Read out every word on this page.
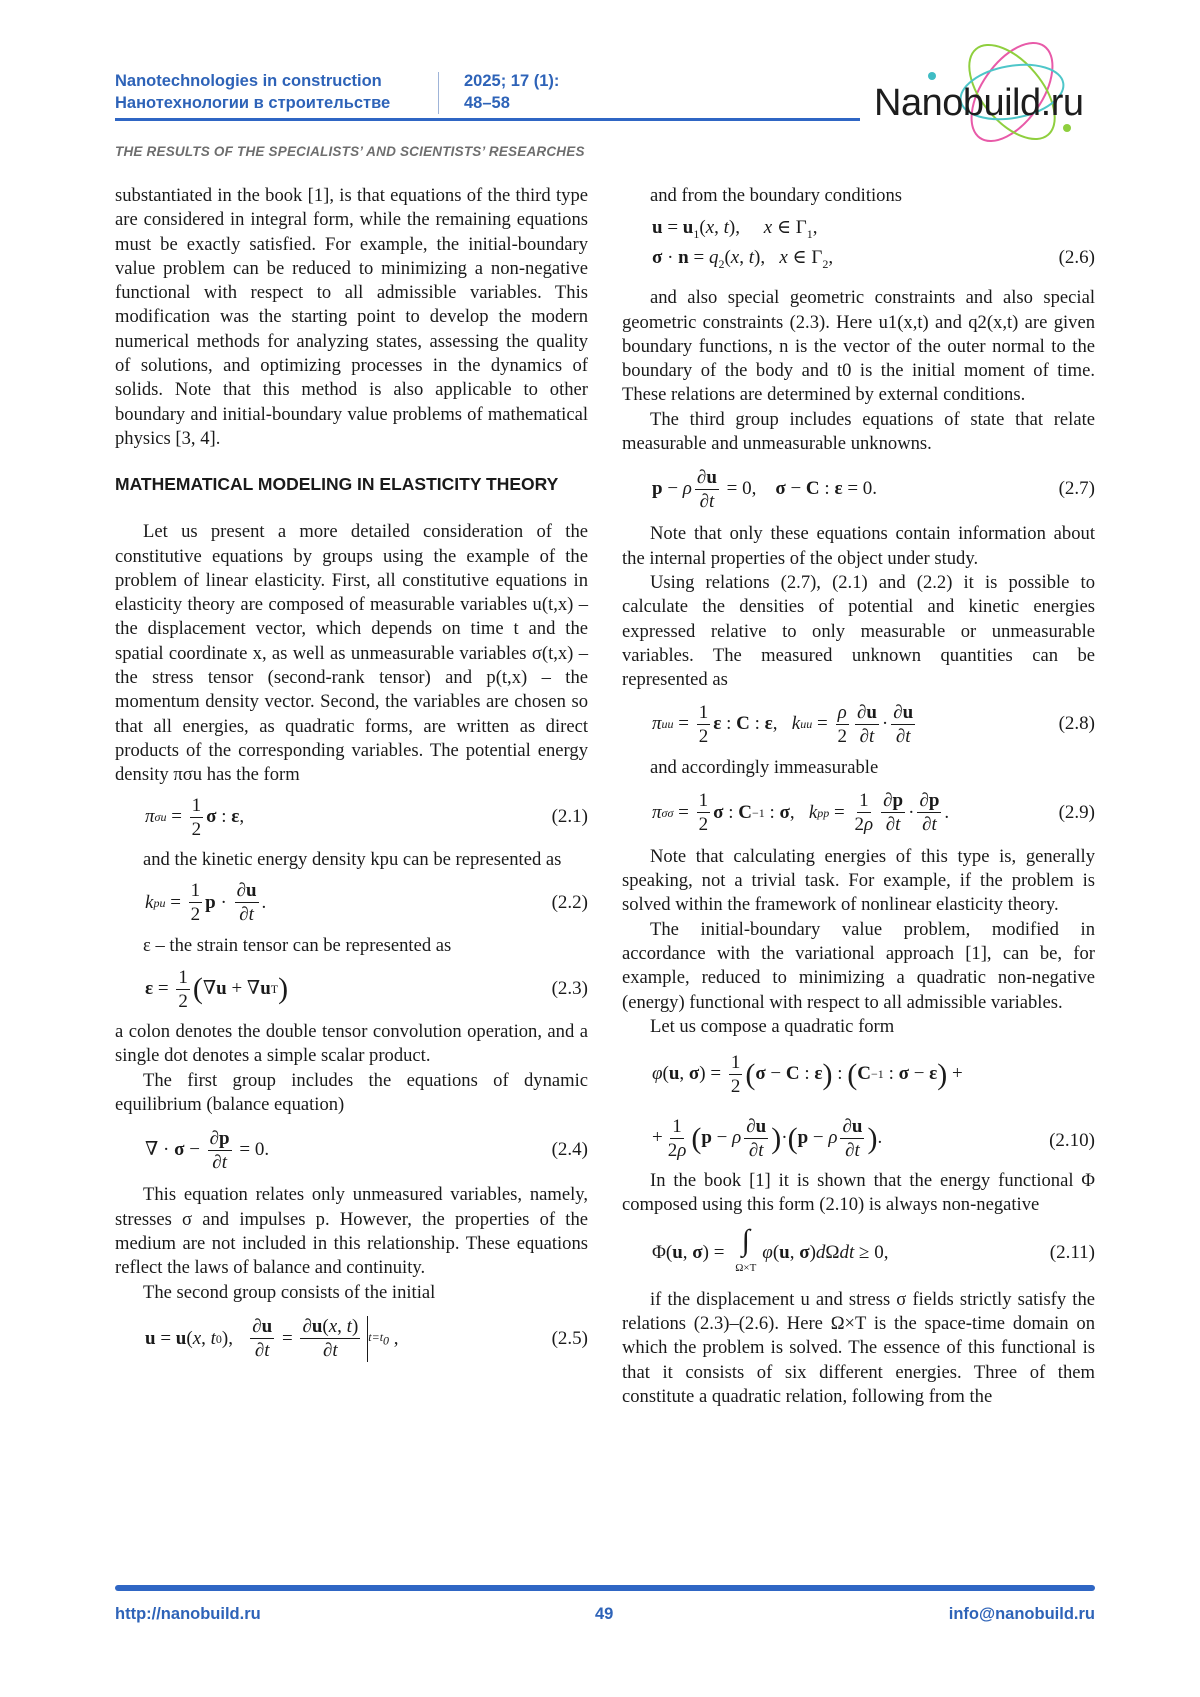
Nanotechnologies in construction
Нанотехнологии в строительстве
2025; 17 (1):
48–58	Nanobuild.ru
THE RESULTS OF THE SPECIALISTS’ AND SCIENTISTS’ RESEARCHES

substantiated in the book [1], is that equations of the third type are considered in integral form, while the remaining equations must be exactly satisfied. For example, the initial-boundary value problem can be reduced to minimizing a non-negative functional with respect to all admissible variables. This modification was the starting point to develop the modern numerical methods for analyzing states, assessing the quality of solutions, and optimizing processes in the dynamics of solids. Note that this method is also applicable to other boundary and initial-boundary value problems of mathematical physics [3, 4].

MATHEMATICAL MODELING IN ELASTICITY THEORY

Let us present a more detailed consideration of the constitutive equations by groups using the example of the problem of linear elasticity. First, all constitutive equations in elasticity theory are composed of measurable variables u(t,x) – the displacement vector, which depends on time t and the spatial coordinate x, as well as unmeasurable variables σ(t,x) – the stress tensor (second-rank tensor) and p(t,x) – the momentum density vector. Second, the variables are chosen so that all energies, as quadratic forms, are written as direct products of the corresponding variables. The potential energy density πσu has the form

π $\sigma u = \frac{1}{2}$ σ : ε ,	(2.1)

and the kinetic energy density kpu can be represented as

k pu = $\frac{1}{2}$ $p \cdot \frac{\partial u}{\partial t}$ .	(2.2)

ε – the strain tensor can be represented as

$\varepsilon = \frac{1}{2}$ ( ∇ u + ∇ u T )	(2.3)

a colon denotes the double tensor convolution operation, and a single dot denotes a simple scalar product.

The first group includes the equations of dynamic equilibrium (balance equation)

∇ · $\sigma - \frac{\partial p}{\partial t} = 0$.	(2.4)

This equation relates only unmeasured variables, namely, stresses σ and impulses p. However, the properties of the medium are not included in this relationship. These equations reflect the laws of balance and continuity.

The second group consists of the initial

u = u ( x , t 0 ), $\frac{\partial u}{\partial t} = \frac{\partial u(x, t)}{\partial t} t=t_0$ ,	(2.5)

and from the boundary conditions

$u = u_1(x$, t),     x ∈ $\Gamma_1$,
$\sigma \cdot n = q_2(x$, t),   x ∈ $\Gamma_2$,	(2.6)

and also special geometric constraints and also special geometric constraints (2.3). Here u1(x,t) and q2(x,t) are given boundary functions, n is the vector of the outer normal to the boundary of the body and t0 is the initial moment of time. These relations are determined by external conditions.

The third group includes equations of state that relate measurable and unmeasurable unknowns.

p − ρ $\frac{\partial u}{\partial t} = 0$, σ − C : ε = 0.	(2.7)

Note that only these equations contain information about the internal properties of the object under study.

Using relations (2.7), (2.1) and (2.2) it is possible to calculate the densities of potential and kinetic energies expressed relative to only measurable or unmeasurable variables. The measured unknown quantities can be represented as

π uu = $\frac{1}{2}$ ε : C : ε , k uu = $\frac{\rho}{2} \frac{\partial u}{\partial t} \cdot \frac{\partial u}{\partial t}$	(2.8)

and accordingly immeasurable

π $\sigma\sigma = \frac{1}{2}$ σ : C −1 : σ , k pp = $\frac{1}{2\rho} \frac{\partial p}{\partial t} \cdot \frac{\partial p}{\partial t}$ .	(2.9)

Note that calculating energies of this type is, generally speaking, not a trivial task. For example, if the problem is solved within the framework of nonlinear elasticity theory.

The initial-boundary value problem, modified in accordance with the variational approach [1], can be, for example, reduced to minimizing a quadratic non-negative (energy) functional with respect to all admissible variables.

Let us compose a quadratic form

φ ( u , σ ) = $\frac{1}{2}$ ( σ − C : ε ) : ( C −1 : σ − ε ) +
+ $\frac{1}{2\rho}$ ( p − ρ $\frac{\partial u}{\partial t}$ ) · ( p − ρ $\frac{\partial u}{\partial t}$ ) .	(2.10)

In the book [1] it is shown that the energy functional Φ composed using this form (2.10) is always non-negative

Φ( u , σ ) = ∫
Ω×T
φ ( u , σ ) d Ω dt ≥ 0,	(2.11)

if the displacement u and stress σ fields strictly satisfy the relations (2.3)–(2.6). Here Ω×T is the space-time domain on which the problem is solved. The essence of this functional is that it consists of six different energies. Three of them constitute a quadratic relation, following from the

http://nanobuild.ru	49	info@nanobuild.ru
